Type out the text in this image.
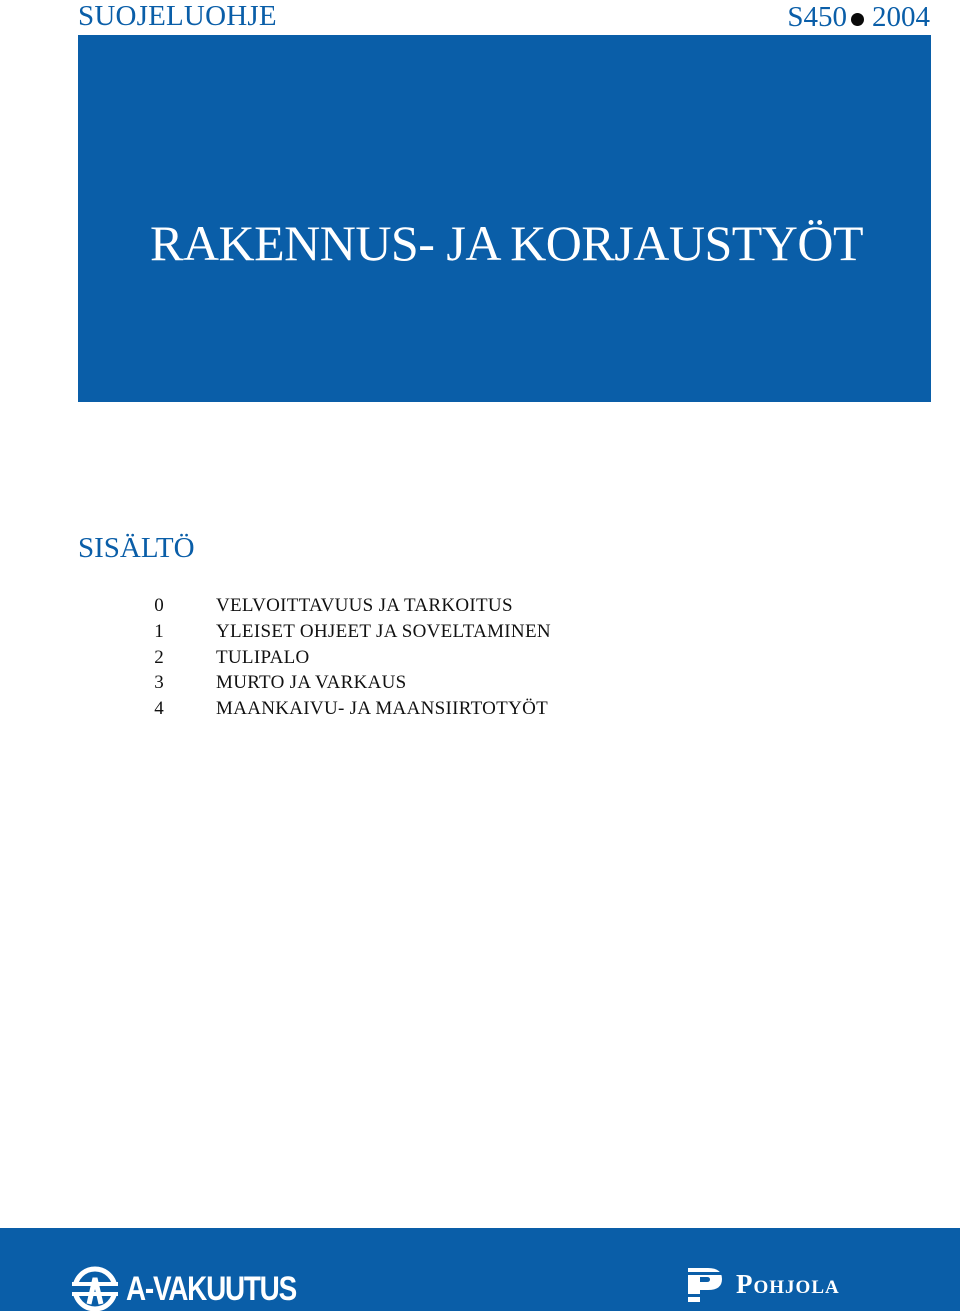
SUOJELUOHJE	S450 2004
RAKENNUS- JA KORJAUSTYÖT
SISÄLTÖ
0	VELVOITTAVUUS JA TARKOITUS
1	YLEISET OHJEET JA SOVELTAMINEN
2	TULIPALO
3	MURTO JA VARKAUS
4	MAANKAIVU- JA MAANSIIRTOTYÖT
A-VAKUUTUS	Pohjola
